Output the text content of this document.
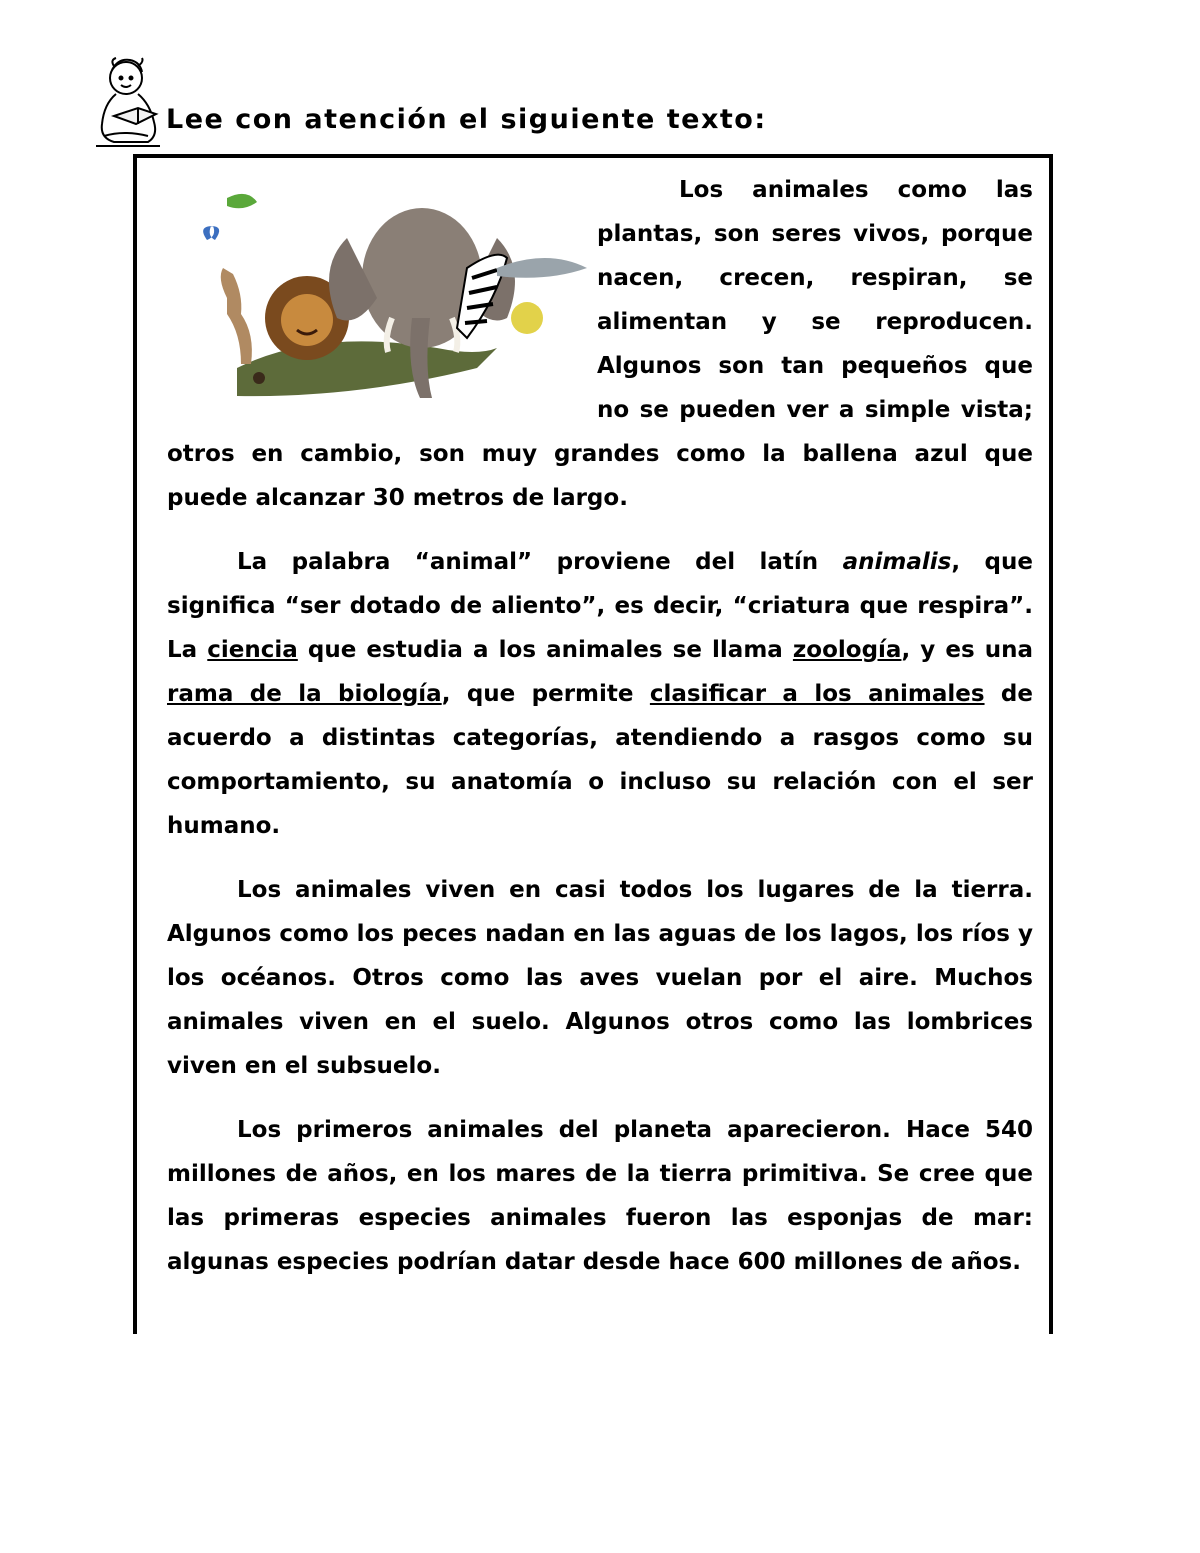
Lee con atención el siguiente texto:

Los animales como las plantas, son seres vivos, porque nacen, crecen, respiran, se alimentan y se reproducen. Algunos son tan pequeños que no se pueden ver a simple vista; otros en cambio, son muy grandes como la ballena azul que puede alcanzar 30 metros de largo.

La palabra “animal” proviene del latín animalis, que significa “ser dotado de aliento”, es decir, “criatura que respira”. La ciencia que estudia a los animales se llama zoología, y es una rama de la biología, que permite clasificar a los animales de acuerdo a distintas categorías, atendiendo a rasgos como su comportamiento, su anatomía o incluso su relación con el ser humano.

Los animales viven en casi todos los lugares de la tierra. Algunos como los peces nadan en las aguas de los lagos, los ríos y los océanos. Otros como las aves vuelan por el aire. Muchos animales viven en el suelo. Algunos otros como las lombrices viven en el subsuelo.

Los primeros animales del planeta aparecieron. Hace 540 millones de años, en los mares de la tierra primitiva. Se cree que las primeras especies animales fueron las esponjas de mar: algunas especies podrían datar desde hace 600 millones de años.
